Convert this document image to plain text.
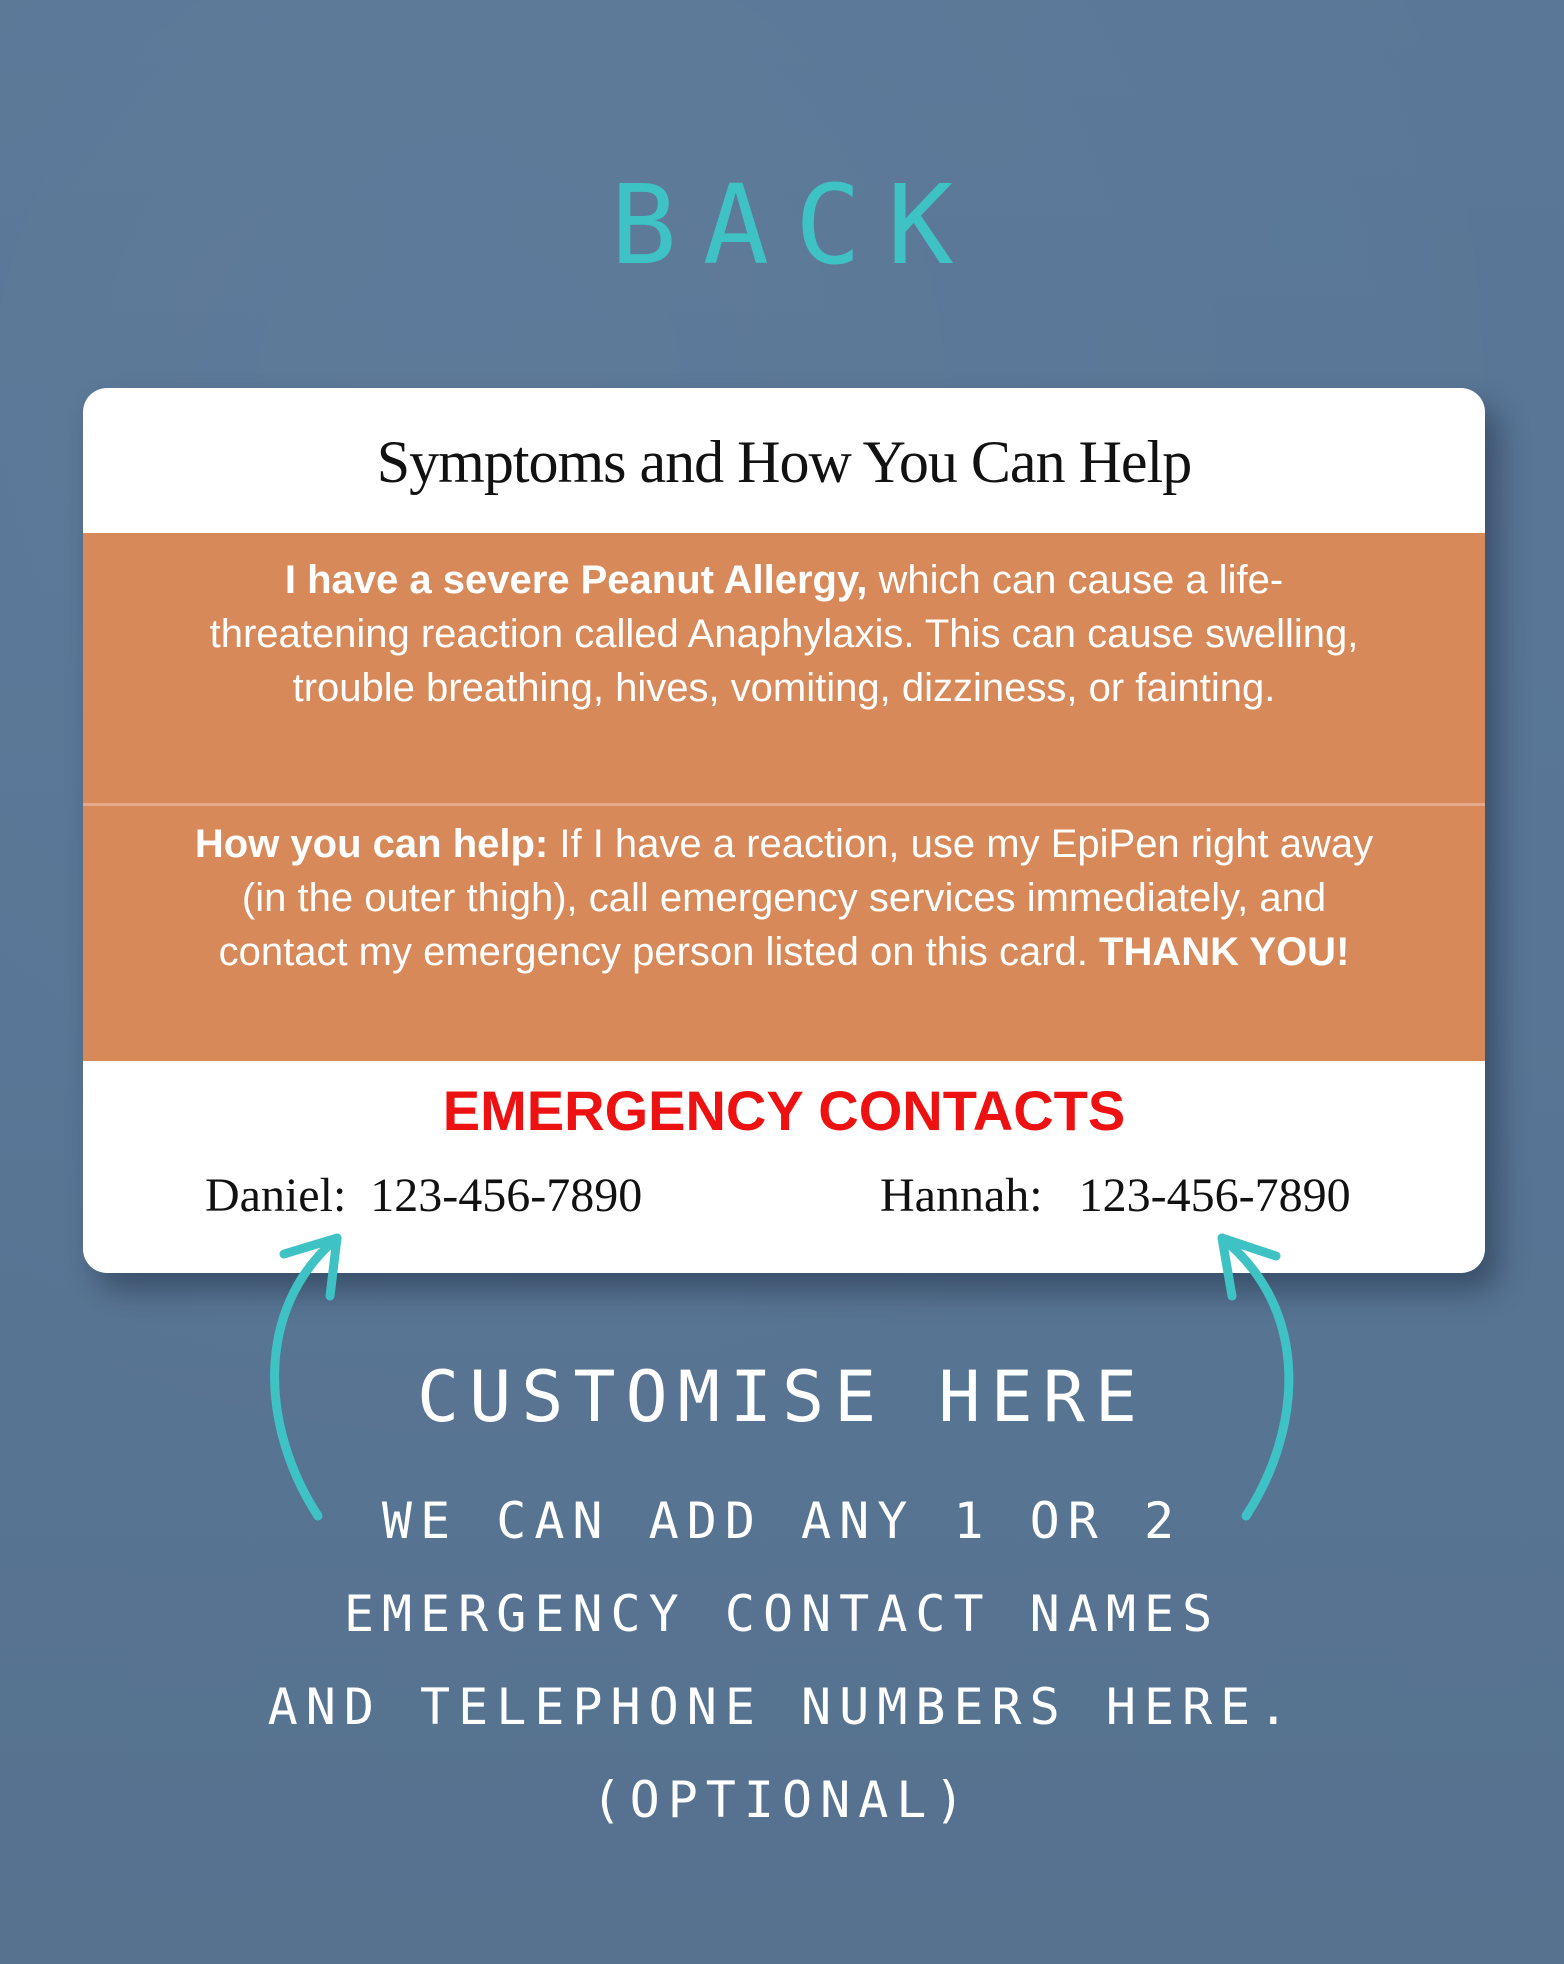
BACK
Symptoms and How You Can Help
I have a severe Peanut Allergy, which can cause a life-threatening reaction called Anaphylaxis. This can cause swelling, trouble breathing, hives, vomiting, dizziness, or fainting.
How you can help: If I have a reaction, use my EpiPen right away (in the outer thigh), call emergency services immediately, and contact my emergency person listed on this card. THANK YOU!
EMERGENCY CONTACTS
Daniel:  123-456-7890	Hannah:   123-456-7890
CUSTOMISE HERE
WE CAN ADD ANY 1 OR 2
EMERGENCY CONTACT NAMES
AND TELEPHONE NUMBERS HERE.
(OPTIONAL)
